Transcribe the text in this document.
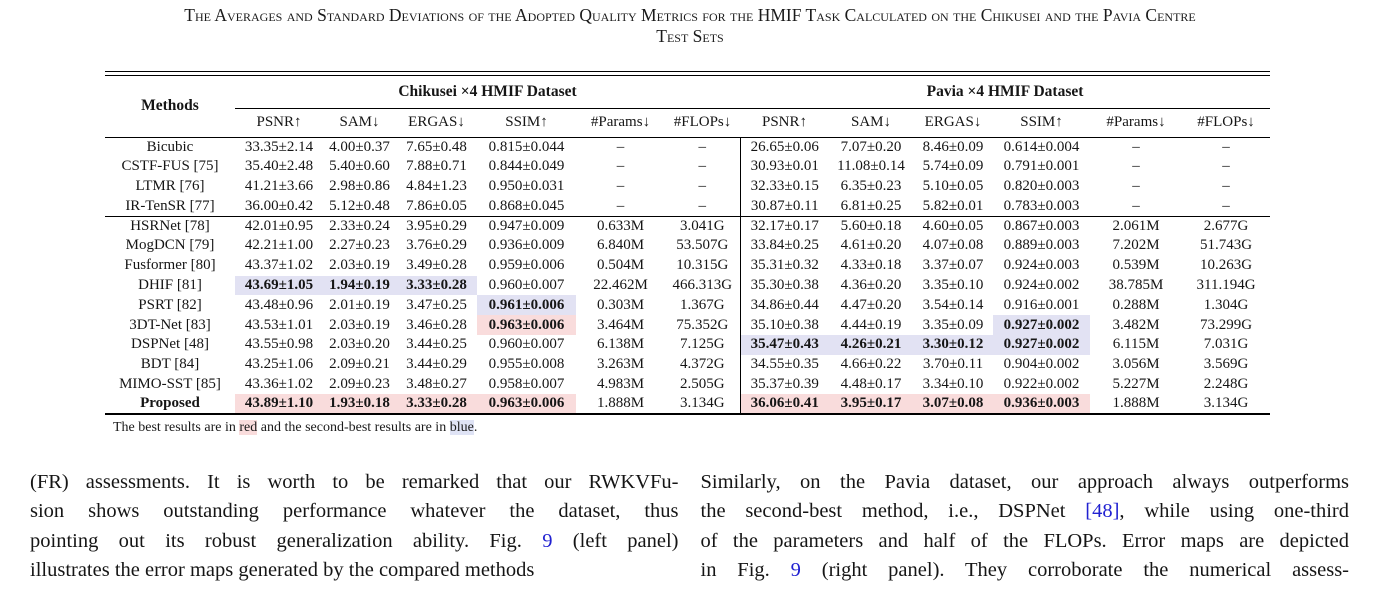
The Averages and Standard Deviations of the Adopted Quality Metrics for the HMIF Task Calculated on the Chikusei and the Pavia Centre
Test Sets
Methods	Chikusei ×4 HMIF Dataset						Pavia ×4 HMIF Dataset					
	PSNR↑	SAM↓	ERGAS↓	SSIM↑	#Params↓	#FLOPs↓	PSNR↑	SAM↓	ERGAS↓	SSIM↑	#Params↓	#FLOPs↓
Bicubic	33.35±2.14	4.00±0.37	7.65±0.48	0.815±0.044	–	–	26.65±0.06	7.07±0.20	8.46±0.09	0.614±0.004	–	–
CSTF-FUS [75]	35.40±2.48	5.40±0.60	7.88±0.71	0.844±0.049	–	–	30.93±0.01	11.08±0.14	5.74±0.09	0.791±0.001	–	–
LTMR [76]	41.21±3.66	2.98±0.86	4.84±1.23	0.950±0.031	–	–	32.33±0.15	6.35±0.23	5.10±0.05	0.820±0.003	–	–
IR-TenSR [77]	36.00±0.42	5.12±0.48	7.86±0.05	0.868±0.045	–	–	30.87±0.11	6.81±0.25	5.82±0.01	0.783±0.003	–	–
HSRNet [78]	42.01±0.95	2.33±0.24	3.95±0.29	0.947±0.009	0.633M	3.041G	32.17±0.17	5.60±0.18	4.60±0.05	0.867±0.003	2.061M	2.677G
MogDCN [79]	42.21±1.00	2.27±0.23	3.76±0.29	0.936±0.009	6.840M	53.507G	33.84±0.25	4.61±0.20	4.07±0.08	0.889±0.003	7.202M	51.743G
Fusformer [80]	43.37±1.02	2.03±0.19	3.49±0.28	0.959±0.006	0.504M	10.315G	35.31±0.32	4.33±0.18	3.37±0.07	0.924±0.003	0.539M	10.263G
DHIF [81]	43.69±1.05	1.94±0.19	3.33±0.28	0.960±0.007	22.462M	466.313G	35.30±0.38	4.36±0.20	3.35±0.10	0.924±0.002	38.785M	311.194G
PSRT [82]	43.48±0.96	2.01±0.19	3.47±0.25	0.961±0.006	0.303M	1.367G	34.86±0.44	4.47±0.20	3.54±0.14	0.916±0.001	0.288M	1.304G
3DT-Net [83]	43.53±1.01	2.03±0.19	3.46±0.28	0.963±0.006	3.464M	75.352G	35.10±0.38	4.44±0.19	3.35±0.09	0.927±0.002	3.482M	73.299G
DSPNet [48]	43.55±0.98	2.03±0.20	3.44±0.25	0.960±0.007	6.138M	7.125G	35.47±0.43	4.26±0.21	3.30±0.12	0.927±0.002	6.115M	7.031G
BDT [84]	43.25±1.06	2.09±0.21	3.44±0.29	0.955±0.008	3.263M	4.372G	34.55±0.35	4.66±0.22	3.70±0.11	0.904±0.002	3.056M	3.569G
MIMO-SST [85]	43.36±1.02	2.09±0.23	3.48±0.27	0.958±0.007	4.983M	2.505G	35.37±0.39	4.48±0.17	3.34±0.10	0.922±0.002	5.227M	2.248G
Proposed	43.89±1.10	1.93±0.18	3.33±0.28	0.963±0.006	1.888M	3.134G	36.06±0.41	3.95±0.17	3.07±0.08	0.936±0.003	1.888M	3.134G
The best results are in red and the second-best results are in blue.
(FR) assessments. It is worth to be remarked that our RWKVFu-
sion shows outstanding performance whatever the dataset, thus
pointing out its robust generalization ability. Fig. 9 (left panel)
illustrates the error maps generated by the compared methods
Similarly, on the Pavia dataset, our approach always outperforms
the second-best method, i.e., DSPNet [48], while using one-third
of the parameters and half of the FLOPs. Error maps are depicted
in Fig. 9 (right panel). They corroborate the numerical assess-
